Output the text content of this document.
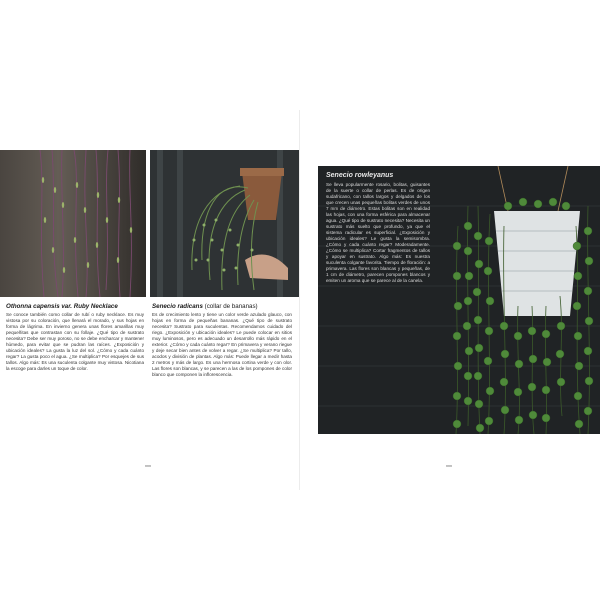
Othonna capensis var. Ruby Necklace
Se conoce también como collar de rubí o ruby necklace. Es muy vistosa por su coloración, que llenará el morado, y sus hojas en forma de lágrima. En invierno genera unas flores amarillas muy pequeñitas que contrastan con su follaje. ¿Qué tipo de sustrato necesita? Debe ser muy poroso, no se debe encharcar y mantener húmedo, para evitar que se pudran las raíces. ¿Exposición y ubicación ideales? La gusta la luz del sol. ¿Cómo y cada cuánto regar? La gusta poco el agua. ¿Se multiplica? Por esquejes de sus tallos. Algo más: Es una suculenta colgante muy vistosa. Nicotiana la escoge para darles un toque de color.
Senecio radicans (collar de bananas)
Es de crecimiento lento y tiene un color verde azulado glauco, con hojas en forma de pequeñas bananas. ¿Qué tipo de sustrato necesita? Sustrato para suculentas. Recomendamos cuidado del riego. ¿Exposición y ubicación ideales? Le puede colocar en sitios muy luminosos, pero es adecuado un desarrollo más rápido en el exterior. ¿Cómo y cada cuánto regar? En primavera y verano riegue y deje secar bien antes de volver a regar. ¿Se multiplica? Por tallo, acodos y división de plantas. Algo más: Puede llegar a medir hasta 2 metros y más de largo. Es una hermosa cortina verde y con olor. Las flores son blancas, y se parecen a las de los pompones de color blanco que componen la inflorescencia.
xxx
Senecio rowleyanus
Se lleva popularmente rosario, bolitas, guisantes de la suerte o collar de perlas. Es de origen sudafricano, con tallos largos y delgados de los que crecen unas pequeñas bolitas verdes de unos 7 mm de diámetro. Estas bolitas son en realidad las hojas, con una forma esférica para almacenar agua. ¿Qué tipo de sustrato necesita? Necesita un sustrato más suelto que profundo, ya que el sistema radicular es superficial. ¿Exposición y ubicación ideales? Le gusta la semisombra. ¿Cómo y cada cuánto regar? Moderadamente. ¿Cómo se multiplica? Cortar fragmentos de tallos y apoyar en sustrato. Algo más: Es nuestra suculenta colgante favorita. Tiempo de floración: a primavera. Las flores son blancas y pequeñas, de 1 cm de diámetro, parecen pompones blancos y emiten un aroma que se parece al de la canela.
xxx
